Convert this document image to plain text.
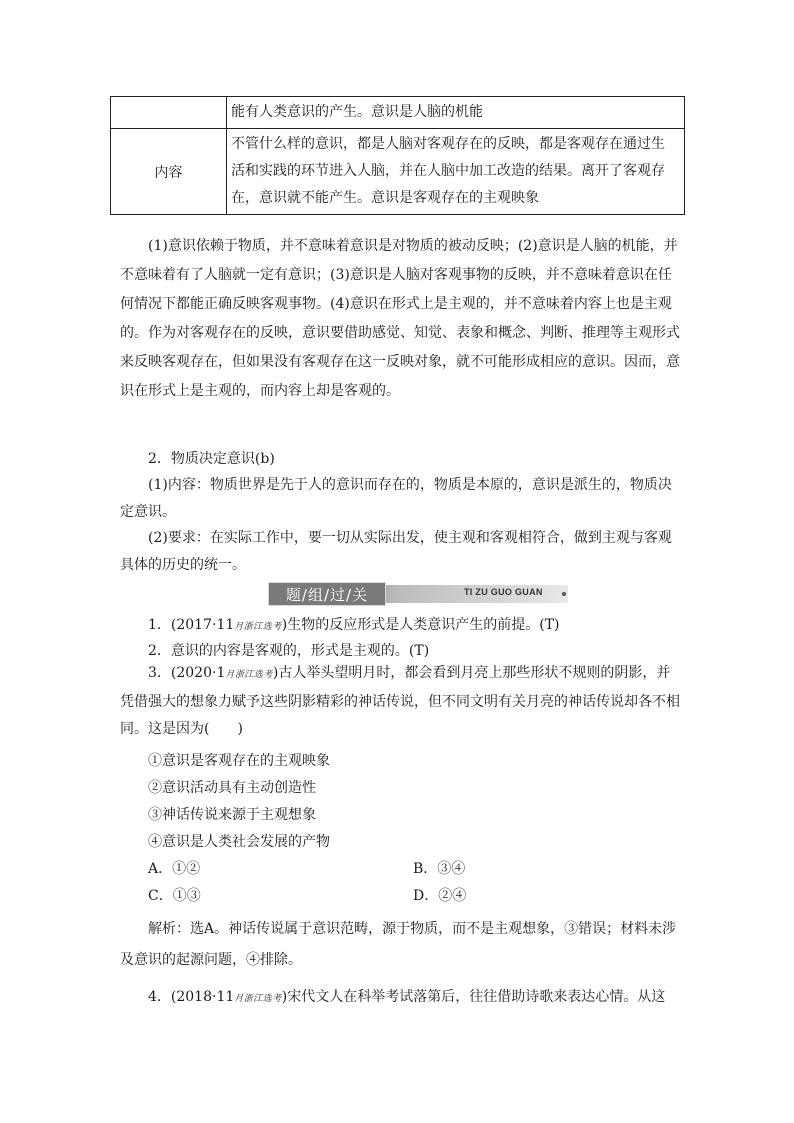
	能有人类意识的产生。意识是人脑的机能
内容	不管什么样的意识，都是人脑对客观存在的反映，都是客观存在通过生活和实践的环节进入人脑，并在人脑中加工改造的结果。离开了客观存在，意识就不能产生。意识是客观存在的主观映象

(1)意识依赖于物质，并不意味着意识是对物质的被动反映；(2)意识是人脑的机能，并不意味着有了人脑就一定有意识；(3)意识是人脑对客观事物的反映，并不意味着意识在任何情况下都能正确反映客观事物。(4)意识在形式上是主观的，并不意味着内容上也是主观的。作为对客观存在的反映，意识要借助感觉、知觉、表象和概念、判断、推理等主观形式来反映客观存在，但如果没有客观存在这一反映对象，就不可能形成相应的意识。因而，意识在形式上是主观的，而内容上却是客观的。

2．物质决定意识(b)

(1)内容：物质世界是先于人的意识而存在的，物质是本原的，意识是派生的，物质决定意识。

(2)要求：在实际工作中，要一切从实际出发，使主观和客观相符合，做到主观与客观具体的历史的统一。

题/组/过/关	TI ZU GUO GUAN

1．(2017·11月浙江选考)生物的反应形式是人类意识产生的前提。(T)

2．意识的内容是客观的，形式是主观的。(T)

3．(2020·1月浙江选考)古人举头望明月时，都会看到月亮上那些形状不规则的阴影，并凭借强大的想象力赋予这些阴影精彩的神话传说，但不同文明有关月亮的神话传说却各不相同。这是因为(　　)

①意识是客观存在的主观映象

②意识活动具有主动创造性

③神话传说来源于主观想象

④意识是人类社会发展的产物

A．①②	B．③④
C．①③	D．②④

解析：选A。神话传说属于意识范畴，源于物质，而不是主观想象，③错误；材料未涉及意识的起源问题，④排除。

4．(2018·11月浙江选考)宋代文人在科举考试落第后，往往借助诗歌来表达心情。从这
